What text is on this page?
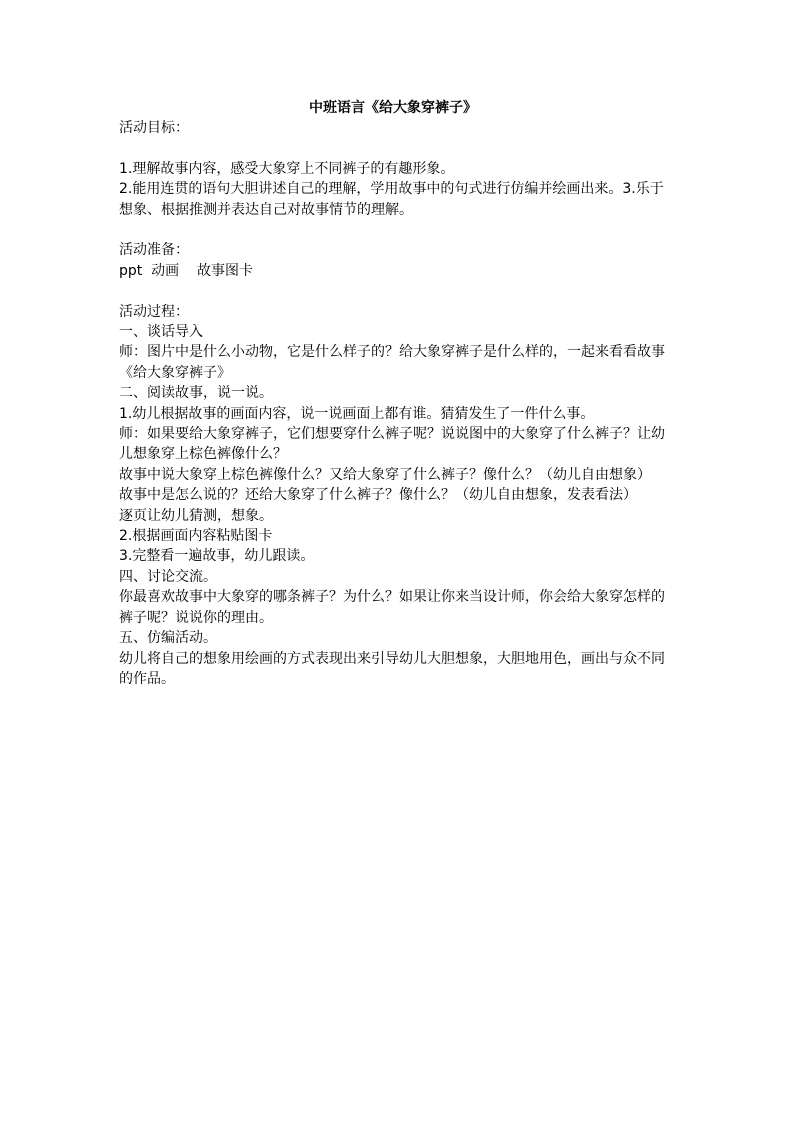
中班语言《给大象穿裤子》

活动目标：

1.理解故事内容，感受大象穿上不同裤子的有趣形象。

2.能用连贯的语句大胆讲述自己的理解，学用故事中的句式进行仿编并绘画出来。3.乐于想象、根据推测并表达自己对故事情节的理解。

活动准备：

ppt  动画    故事图卡

活动过程：

一、谈话导入

师：图片中是什么小动物，它是什么样子的？给大象穿裤子是什么样的，一起来看看故事《给大象穿裤子》

二、阅读故事，说一说。

1.幼儿根据故事的画面内容，说一说画面上都有谁。猜猜发生了一件什么事。

师：如果要给大象穿裤子，它们想要穿什么裤子呢？说说图中的大象穿了什么裤子？让幼儿想象穿上棕色裤像什么？

故事中说大象穿上棕色裤像什么？又给大象穿了什么裤子？像什么？（幼儿自由想象）

故事中是怎么说的？还给大象穿了什么裤子？像什么？（幼儿自由想象，发表看法）

逐页让幼儿猜测，想象。

2.根据画面内容粘贴图卡

3.完整看一遍故事，幼儿跟读。

四、讨论交流。

你最喜欢故事中大象穿的哪条裤子？为什么？如果让你来当设计师，你会给大象穿怎样的裤子呢？说说你的理由。

五、仿编活动。

幼儿将自己的想象用绘画的方式表现出来引导幼儿大胆想象，大胆地用色，画出与众不同的作品。
